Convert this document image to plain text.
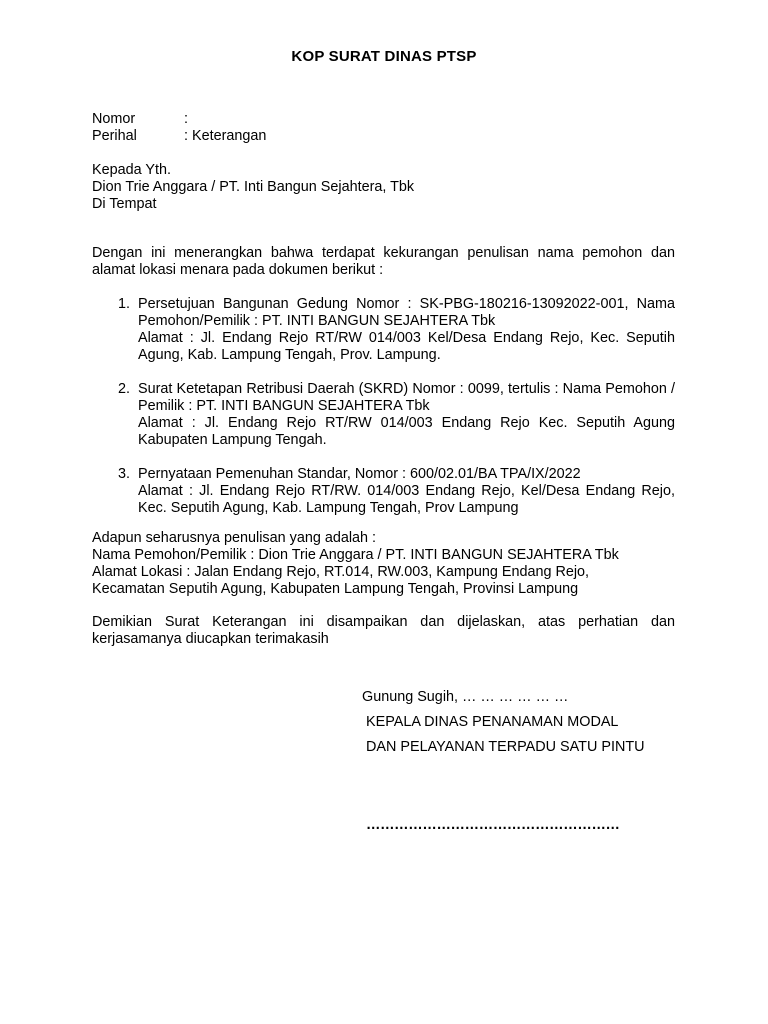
KOP SURAT DINAS PTSP
Nomor	:
Perihal	: Keterangan
Kepada Yth.
Dion Trie Anggara / PT. Inti Bangun Sejahtera, Tbk
Di Tempat
Dengan ini menerangkan bahwa terdapat kekurangan penulisan nama pemohon dan alamat lokasi menara pada dokumen berikut :
1. Persetujuan Bangunan Gedung Nomor : SK-PBG-180216-13092022-001, Nama Pemohon/Pemilik : PT. INTI BANGUN SEJAHTERA Tbk
Alamat : Jl. Endang Rejo RT/RW 014/003 Kel/Desa Endang Rejo, Kec. Seputih Agung, Kab. Lampung Tengah, Prov. Lampung.
2. Surat Ketetapan Retribusi Daerah (SKRD) Nomor : 0099, tertulis : Nama Pemohon / Pemilik : PT. INTI BANGUN SEJAHTERA Tbk
Alamat : Jl. Endang Rejo RT/RW 014/003 Endang Rejo Kec. Seputih Agung Kabupaten Lampung Tengah.
3. Pernyataan Pemenuhan Standar, Nomor : 600/02.01/BA TPA/IX/2022
Alamat : Jl. Endang Rejo RT/RW. 014/003 Endang Rejo, Kel/Desa Endang Rejo, Kec. Seputih Agung, Kab. Lampung Tengah, Prov Lampung
Adapun seharusnya penulisan yang adalah :
Nama Pemohon/Pemilik : Dion Trie Anggara / PT. INTI BANGUN SEJAHTERA Tbk
Alamat Lokasi : Jalan Endang Rejo, RT.014, RW.003, Kampung Endang Rejo,
Kecamatan Seputih Agung, Kabupaten Lampung Tengah, Provinsi Lampung
Demikian Surat Keterangan ini disampaikan dan dijelaskan, atas perhatian dan kerjasamanya diucapkan terimakasih
Gunung Sugih, … … … … … …
KEPALA DINAS PENANAMAN MODAL
DAN PELAYANAN TERPADU SATU PINTU
………………………………………………
